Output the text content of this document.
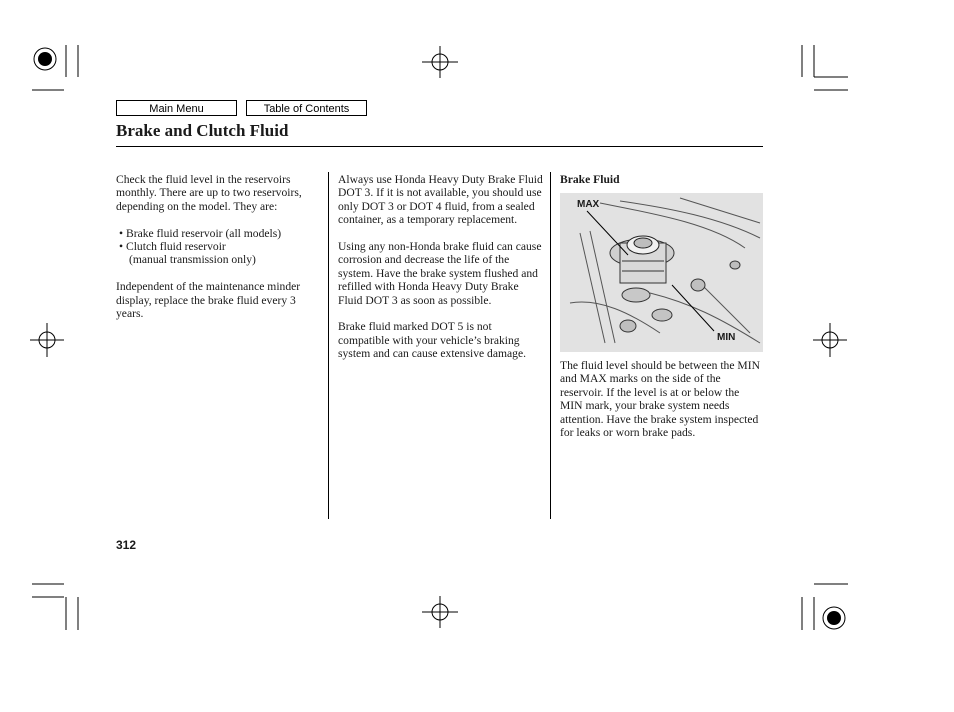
Main Menu	Table of Contents
Brake and Clutch Fluid

Check the fluid level in the reservoirs monthly. There are up to two reservoirs, depending on the model. They are:

• Brake fluid reservoir (all models)
• Clutch fluid reservoir
(manual transmission only)

Independent of the maintenance minder display, replace the brake fluid every 3 years.

Always use Honda Heavy Duty Brake Fluid DOT 3. If it is not available, you should use only DOT 3 or DOT 4 fluid, from a sealed container, as a temporary replacement.

Using any non-Honda brake fluid can cause corrosion and decrease the life of the system. Have the brake system flushed and refilled with Honda Heavy Duty Brake Fluid DOT 3 as soon as possible.

Brake fluid marked DOT 5 is not compatible with your vehicle’s braking system and can cause extensive damage.

Brake Fluid

MAX
MIN

The fluid level should be between the MIN and MAX marks on the side of the reservoir. If the level is at or below the MIN mark, your brake system needs attention. Have the brake system inspected for leaks or worn brake pads.

312
